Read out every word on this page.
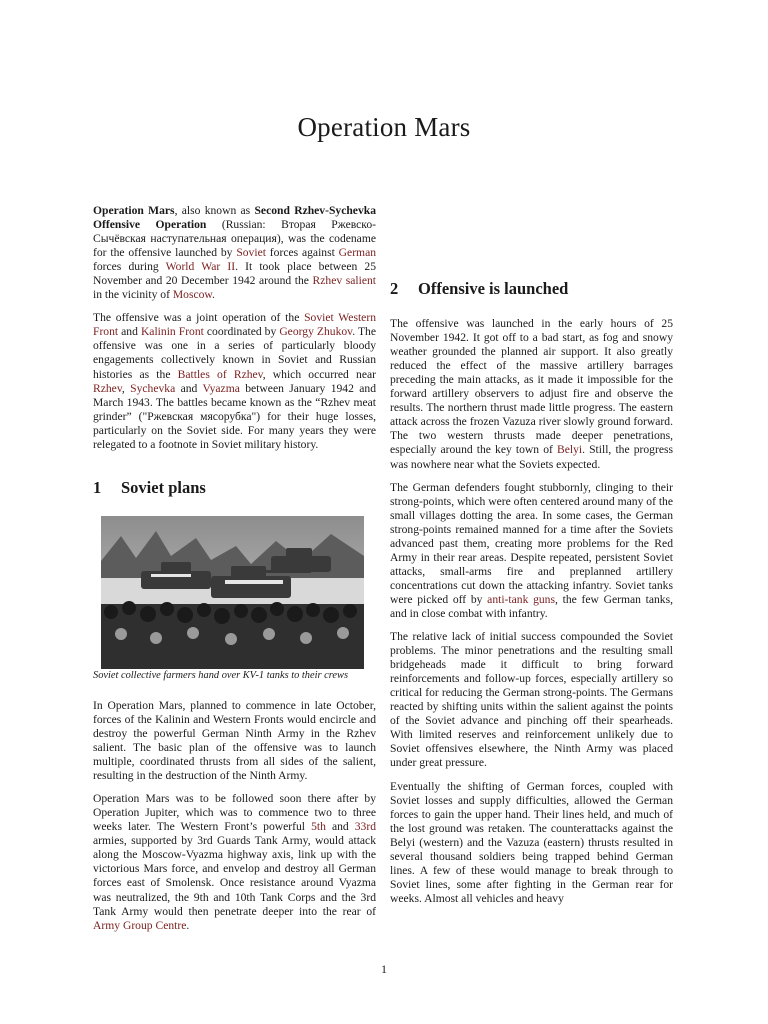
Operation Mars

Operation Mars, also known as Second Rzhev-Sychevka Offensive Operation (Russian: Вторая Ржевско-Сычёвская наступательная операция), was the codename for the offensive launched by Soviet forces against German forces during World War II. It took place between 25 November and 20 December 1942 around the Rzhev salient in the vicinity of Moscow.

The offensive was a joint operation of the Soviet Western Front and Kalinin Front coordinated by Georgy Zhukov. The offensive was one in a series of particularly bloody engagements collectively known in Soviet and Russian histories as the Battles of Rzhev, which occurred near Rzhev, Sychevka and Vyazma between January 1942 and March 1943. The battles became known as the “Rzhev meat grinder” ("Ржевская мясорубка") for their huge losses, particularly on the Soviet side. For many years they were relegated to a footnote in Soviet military history.

1	Soviet plans

Soviet collective farmers hand over KV-1 tanks to their crews

In Operation Mars, planned to commence in late October, forces of the Kalinin and Western Fronts would encircle and destroy the powerful German Ninth Army in the Rzhev salient. The basic plan of the offensive was to launch multiple, coordinated thrusts from all sides of the salient, resulting in the destruction of the Ninth Army.

Operation Mars was to be followed soon there after by Operation Jupiter, which was to commence two to three weeks later. The Western Front’s powerful 5th and 33rd armies, supported by 3rd Guards Tank Army, would attack along the Moscow-Vyazma highway axis, link up with the victorious Mars force, and envelop and destroy all German forces east of Smolensk. Once resistance around Vyazma was neutralized, the 9th and 10th Tank Corps and the 3rd Tank Army would then penetrate deeper into the rear of Army Group Centre.

2	Offensive is launched

The offensive was launched in the early hours of 25 November 1942. It got off to a bad start, as fog and snowy weather grounded the planned air support. It also greatly reduced the effect of the massive artillery barrages preceding the main attacks, as it made it impossible for the forward artillery observers to adjust fire and observe the results. The northern thrust made little progress. The eastern attack across the frozen Vazuza river slowly ground forward. The two western thrusts made deeper penetrations, especially around the key town of Belyi. Still, the progress was nowhere near what the Soviets expected.

The German defenders fought stubbornly, clinging to their strong-points, which were often centered around many of the small villages dotting the area. In some cases, the German strong-points remained manned for a time after the Soviets advanced past them, creating more problems for the Red Army in their rear areas. Despite repeated, persistent Soviet attacks, small-arms fire and preplanned artillery concentrations cut down the attacking infantry. Soviet tanks were picked off by anti-tank guns, the few German tanks, and in close combat with infantry.

The relative lack of initial success compounded the Soviet problems. The minor penetrations and the resulting small bridgeheads made it difficult to bring forward reinforcements and follow-up forces, especially artillery so critical for reducing the German strong-points. The Germans reacted by shifting units within the salient against the points of the Soviet advance and pinching off their spearheads. With limited reserves and reinforcement unlikely due to Soviet offensives elsewhere, the Ninth Army was placed under great pressure.

Eventually the shifting of German forces, coupled with Soviet losses and supply difficulties, allowed the German forces to gain the upper hand. Their lines held, and much of the lost ground was retaken. The counterattacks against the Belyi (western) and the Vazuza (eastern) thrusts resulted in several thousand soldiers being trapped behind German lines. A few of these would manage to break through to Soviet lines, some after fighting in the German rear for weeks. Almost all vehicles and heavy

1
